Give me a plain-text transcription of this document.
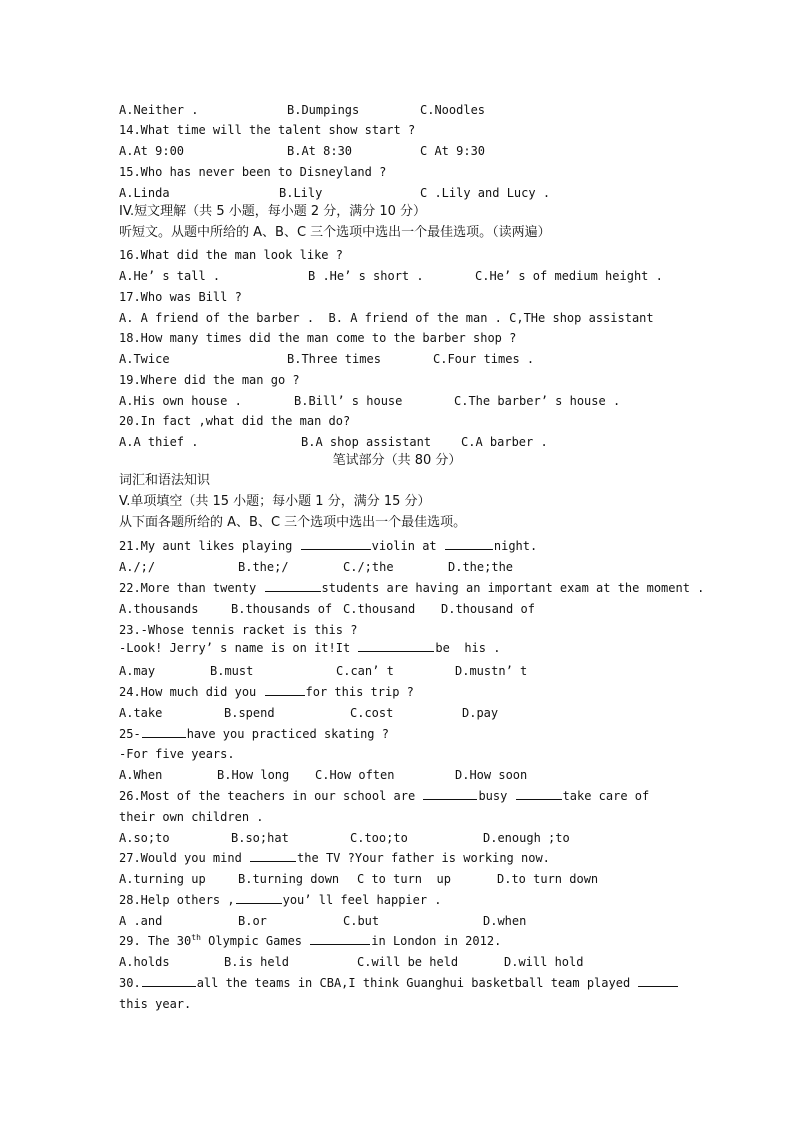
A.Neither .

	B.Dumpings

	C.Noodles

14.What time will the talent show start ?

A.At 9:00

	B.At 8:30

	C At 9:30

15.Who has never been to Disneyland ?

A.Linda

	B.Lily

	C .Lily and Lucy .

IV.短文理解（共 5 小题，每小题 2 分，满分 10 分）
听短文。从题中所给的 A、B、C 三个选项中选出一个最佳选项。（读两遍）
16.What did the man look like ?

A.He’ s tall .

	B .He’ s short .

	C.He’ s of medium height .

17.Who was Bill ?
A. A friend of the barber .  B. A friend of the man . C,THe shop assistant
18.How many times did the man come to the barber shop ?

A.Twice

	B.Three times

	C.Four times .

19.Where did the man go ?

A.His own house .

	B.Bill’ s house

	C.The barber’ s house .

20.In fact ,what did the man do?

A.A thief .

	B.A shop assistant

C.A barber .

笔试部分（共 80 分）
词汇和语法知识
V.单项填空（共 15 小题；每小题 1 分，满分 15 分）
从下面各题所给的 A、B、C 三个选项中选出一个最佳选项。
21.My aunt likes playing	violin at	night.

A./;/

	B.the;/

	C./;the

	D.the;the

22.More than twenty	students are having an important exam at the moment .

A.thousands

	B.thousands of

C.thousand

D.thousand of

23.-Whose tennis racket is this ?
-Look! Jerry’ s name is on it!It	be  his .

A.may

	B.must

	C.can’ t

	D.mustn’ t

24.How much did you	for this trip ?

A.take

	B.spend

	C.cost

	D.pay

25-	have you practiced skating ?
-For five years.

A.When

	B.How long

C.How often

	D.How soon

26.Most of the teachers in our school are	busy	take care of
their own children .

A.so;to

	B.so;hat

	C.too;to

	D.enough ;to

27.Would you mind	the TV ?Your father is working now.

A.turning up

	B.turning down

C to turn  up

	D.to turn down

28.Help others ,	you’ ll feel happier .

A .and

	B.or

	C.but

	D.when

29. The 30th Olympic Games	in London in 2012.

A.holds

	B.is held

	C.will be held

	D.will hold

30.	all the teams in CBA,I think Guanghui basketball team played
this year.
